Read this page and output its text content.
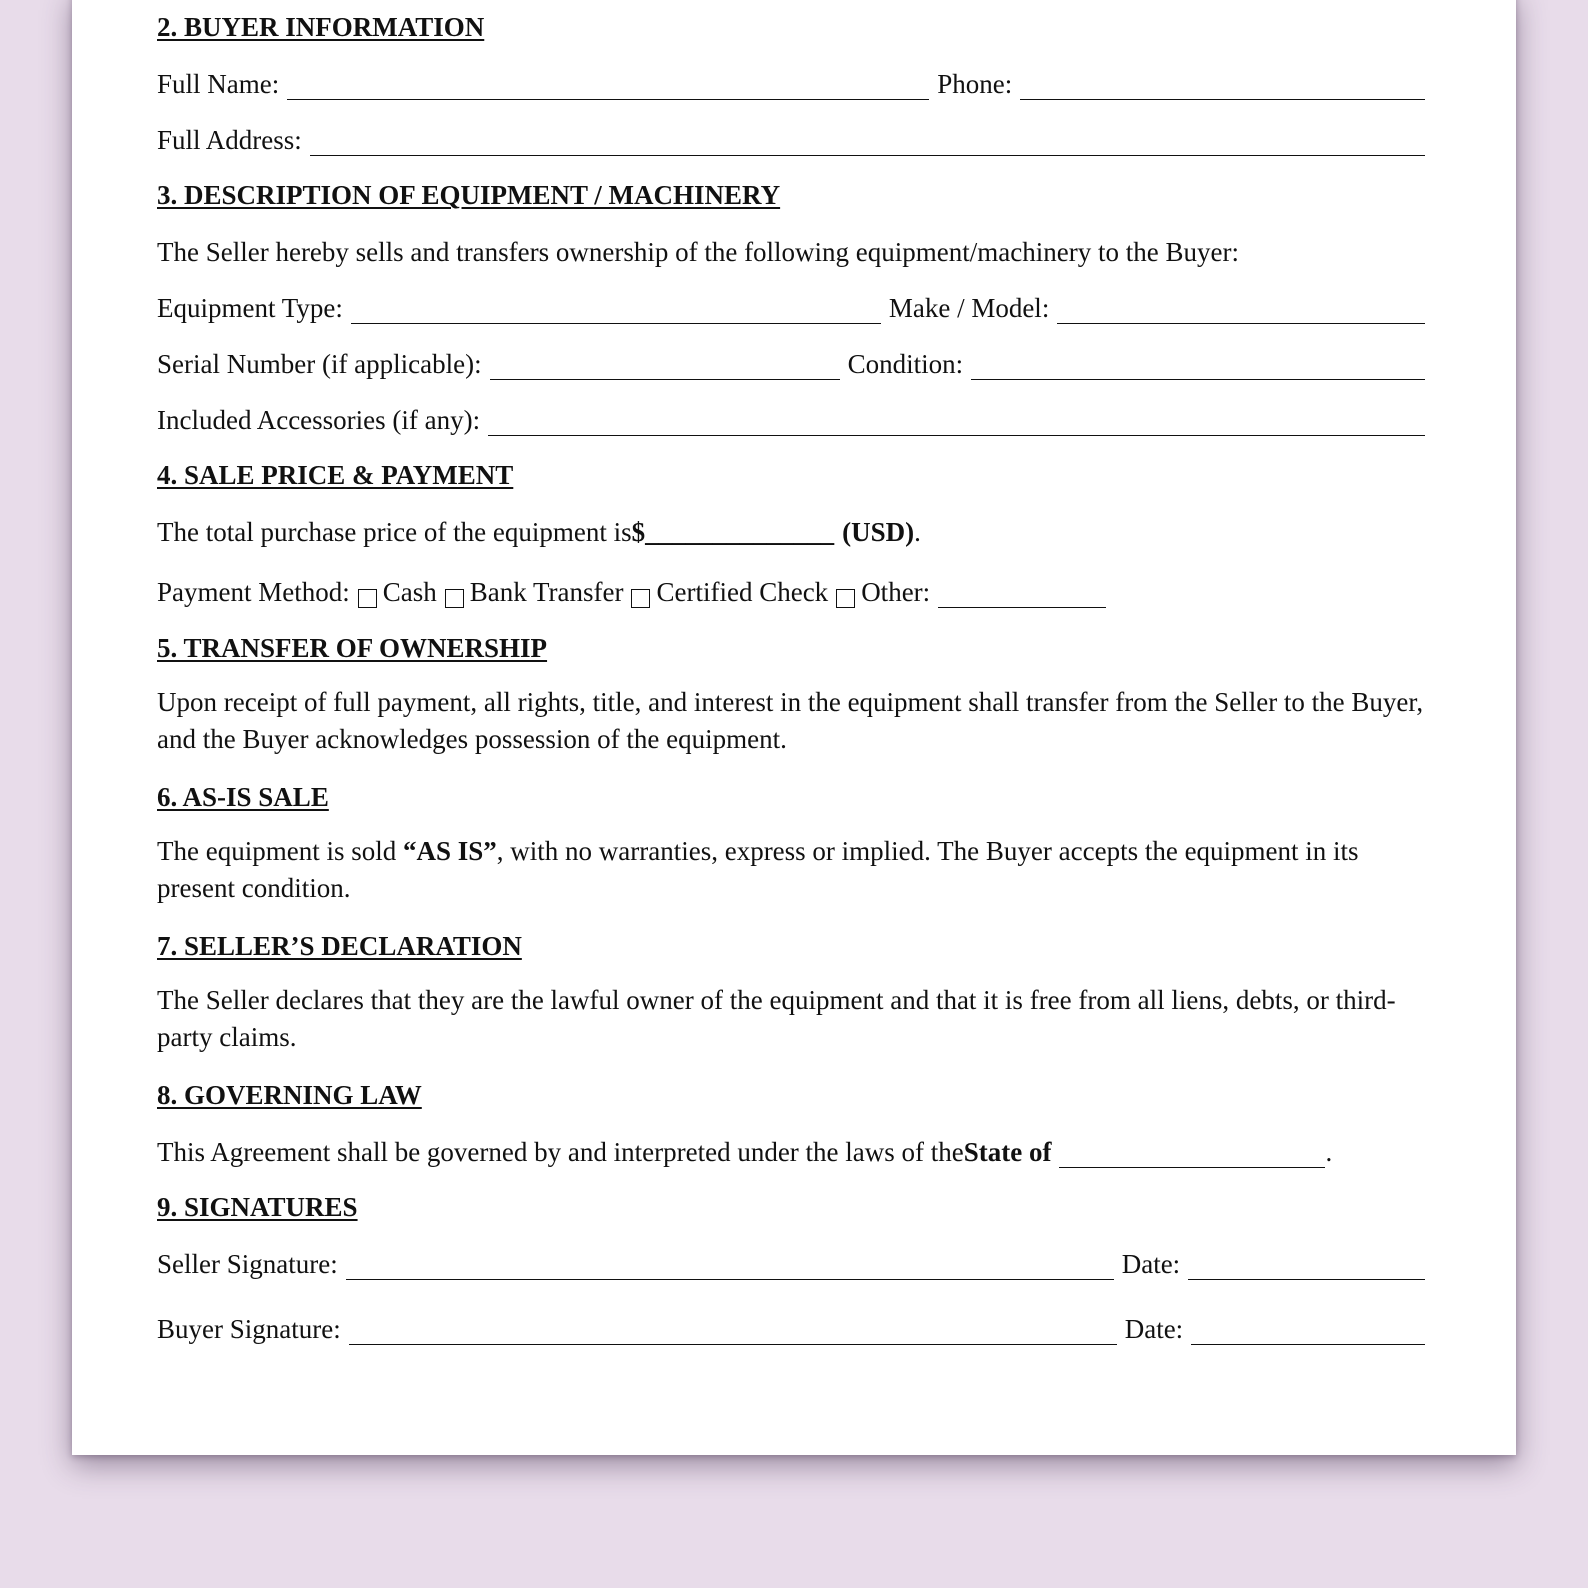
2. BUYER INFORMATION
Full Name:	Phone:
Full Address:
3. DESCRIPTION OF EQUIPMENT / MACHINERY
The Seller hereby sells and transfers ownership of the following equipment/machinery to the Buyer:
Equipment Type:	Make / Model:
Serial Number (if applicable):	Condition:
Included Accessories (if any):
4. SALE PRICE & PAYMENT
The total purchase price of the equipment is $ ______________ (USD) .
Payment Method: Cash Bank Transfer Certified Check Other:
5. TRANSFER OF OWNERSHIP
Upon receipt of full payment, all rights, title, and interest in the equipment shall transfer from the Seller to the Buyer, and the Buyer acknowledges possession of the equipment.
6. AS-IS SALE
The equipment is sold “AS IS”, with no warranties, express or implied. The Buyer accepts the equipment in its present condition.
7. SELLER’S DECLARATION
The Seller declares that they are the lawful owner of the equipment and that it is free from all liens, debts, or third-party claims.
8. GOVERNING LAW
This Agreement shall be governed by and interpreted under the laws of the State of	.
9. SIGNATURES
Seller Signature:	Date:
Buyer Signature:	Date:
